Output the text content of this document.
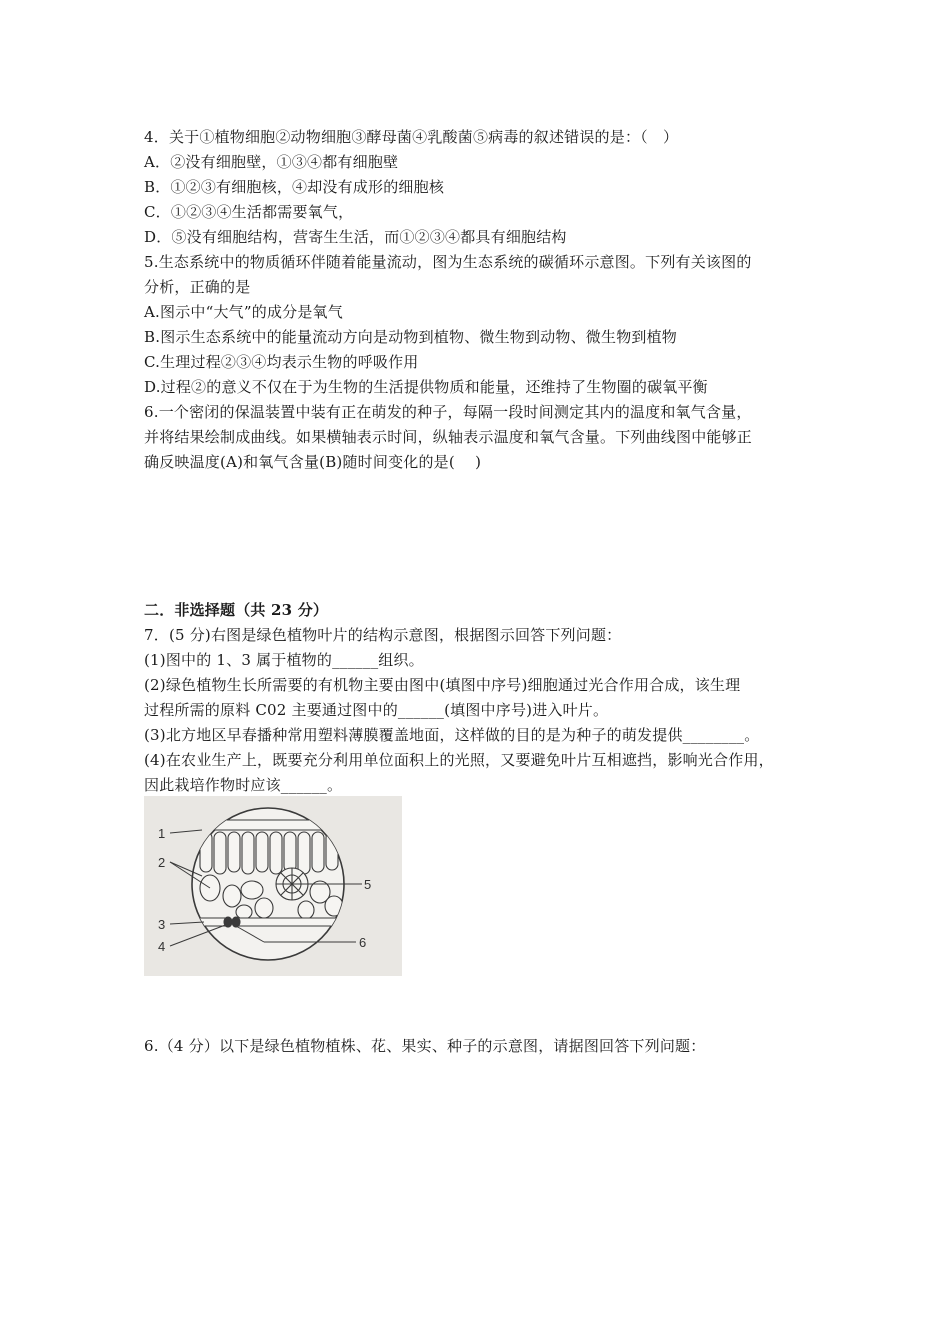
4．关于①植物细胞②动物细胞③酵母菌④乳酸菌⑤病毒的叙述错误的是：（　）
A．②没有细胞壁，①③④都有细胞壁
B．①②③有细胞核，④却没有成形的细胞核
C．①②③④生活都需要氧气，
D．⑤没有细胞结构，营寄生生活，而①②③④都具有细胞结构
5.生态系统中的物质循环伴随着能量流动，图为生态系统的碳循环示意图。下列有关该图的
分析，正确的是
A.图示中“大气”的成分是氧气
B.图示生态系统中的能量流动方向是动物到植物、微生物到动物、微生物到植物
C.生理过程②③④均表示生物的呼吸作用
D.过程②的意义不仅在于为生物的生活提供物质和能量，还维持了生物圈的碳氧平衡
6.一个密闭的保温装置中装有正在萌发的种子，每隔一段时间测定其内的温度和氧气含量，
并将结果绘制成曲线。如果横轴表示时间，纵轴表示温度和氧气含量。下列曲线图中能够正
确反映温度(A)和氧气含量(B)随时间变化的是(　 )
二．非选择题（共 23 分）
7．(5 分)右图是绿色植物叶片的结构示意图，根据图示回答下列问题：
(1)图中的 1、3 属于植物的______组织。
(2)绿色植物生长所需要的有机物主要由图中(填图中序号)细胞通过光合作用合成，该生理
过程所需的原料 C02 主要通过图中的______(填图中序号)进入叶片。
(3)北方地区早春播种常用塑料薄膜覆盖地面，这样做的目的是为种子的萌发提供________。
(4)在农业生产上，既要充分利用单位面积上的光照，又要避免叶片互相遮挡，影响光合作用，
因此栽培作物时应该______。
1
2
3
4
5
6
6.（4 分）以下是绿色植物植株、花、果实、种子的示意图，请据图回答下列问题：
